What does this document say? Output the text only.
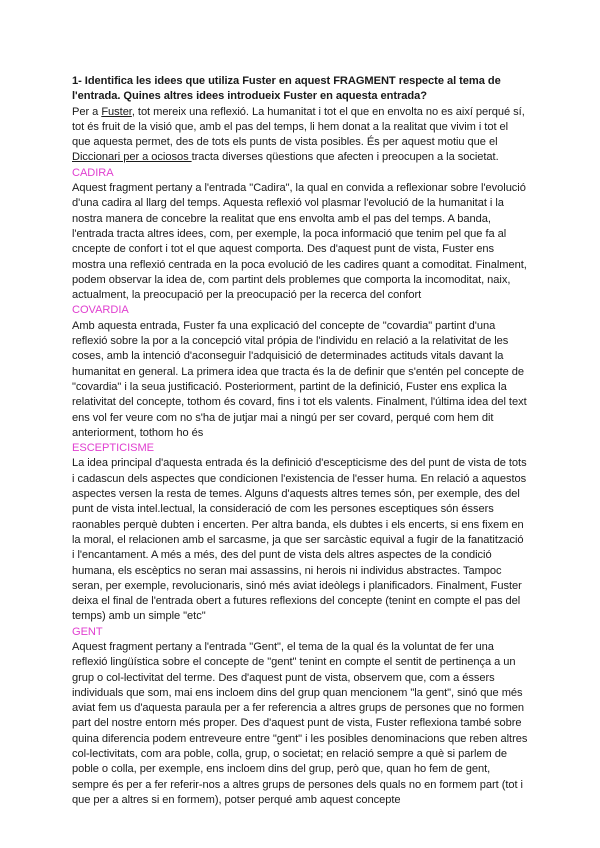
1- Identifica les idees que utiliza Fuster en aquest FRAGMENT respecte al tema de l'entrada. Quines altres idees introdueix Fuster en aquesta entrada?

Per a Fuster, tot mereix una reflexió. La humanitat i tot el que en envolta no es així perqué sí, tot és fruit de la visió que, amb el pas del temps, li hem donat a la realitat que vivim i tot el que aquesta permet, des de tots els punts de vista posibles. És per aquest motiu que el Diccionari per a ociosos tracta diverses qüestions que afecten i preocupen a la societat.

CADIRA

Aquest fragment pertany a l'entrada "Cadira", la qual en convida a reflexionar sobre l'evolució d'una cadira al llarg del temps. Aquesta reflexió vol plasmar l'evolució de la humanitat i la nostra manera de concebre la realitat que ens envolta amb el pas del temps. A banda, l'entrada tracta altres idees, com, per exemple, la poca informació que tenim pel que fa al cncepte de confort i tot el que aquest comporta. Des d'aquest punt de vista, Fuster ens mostra una reflexió centrada en la poca evolució de les cadires quant a comoditat. Finalment, podem observar la idea de, com partint dels problemes que comporta la incomoditat, naix, actualment, la preocupació per la preocupació per la recerca del confort

COVARDIA

Amb aquesta entrada, Fuster fa una explicació del concepte de "covardia" partint d'una reflexió sobre la por a la concepció vital própia de l'individu en relació a la relativitat de les coses, amb la intenció d'aconseguir l'adquisició de determinades actituds vitals davant la humanitat en general. La primera idea que tracta és la de definir que s'entén pel concepte de "covardia" i la seua justificació. Posteriorment, partint de la definició, Fuster ens explica la relativitat del concepte, tothom és covard, fins i tot els valents. Finalment, l'última idea del text ens vol fer veure com no s'ha de jutjar mai a ningú per ser covard, perqué com hem dit anteriorment, tothom ho és

ESCEPTICISME

La idea principal d'aquesta entrada és la definició d'escepticisme des del punt de vista de tots i cadascun dels aspectes que condicionen l'existencia de l'esser huma. En relació a aquestos aspectes versen la resta de temes. Alguns d'aquests altres temes són, per exemple, des del punt de vista intel.lectual, la consideració de com les persones esceptiques són éssers raonables perquè dubten i encerten. Per altra banda, els dubtes i els encerts, si ens fixem en la moral, el relacionen amb el sarcasme, ja que ser sarcàstic equival a fugir de la fanatització i l'encantament. A més a més, des del punt de vista dels altres aspectes de la condició humana, els escèptics no seran mai assassins, ni herois ni individus abstractes. Tampoc seran, per exemple, revolucionaris, sinó més aviat ideòlegs i planificadors. Finalment, Fuster deixa el final de l'entrada obert a futures reflexions del concepte (tenint en compte el pas del temps) amb un simple "etc"

GENT

Aquest fragment pertany a l'entrada "Gent", el tema de la qual és la voluntat de fer una reflexió lingüística sobre el concepte de "gent" tenint en compte el sentit de pertinença a un grup o col-lectivitat del terme. Des d'aquest punt de vista, observem que, com a éssers individuals que som, mai ens incloem dins del grup quan mencionem "la gent", sinó que més aviat fem us d'aquesta paraula per a fer referencia a altres grups de persones que no formen part del nostre entorn més proper. Des d'aquest punt de vista, Fuster reflexiona també sobre quina diferencia podem entreveure entre "gent" i les posibles denominacions que reben altres col-lectivitats, com ara poble, colla, grup, o societat; en relació sempre a què si parlem de poble o colla, per exemple, ens incloem dins del grup, però que, quan ho fem de gent, sempre és per a fer referir-nos a altres grups de persones dels quals no en formem part (tot i que per a altres si en formem), potser perqué amb aquest concepte
